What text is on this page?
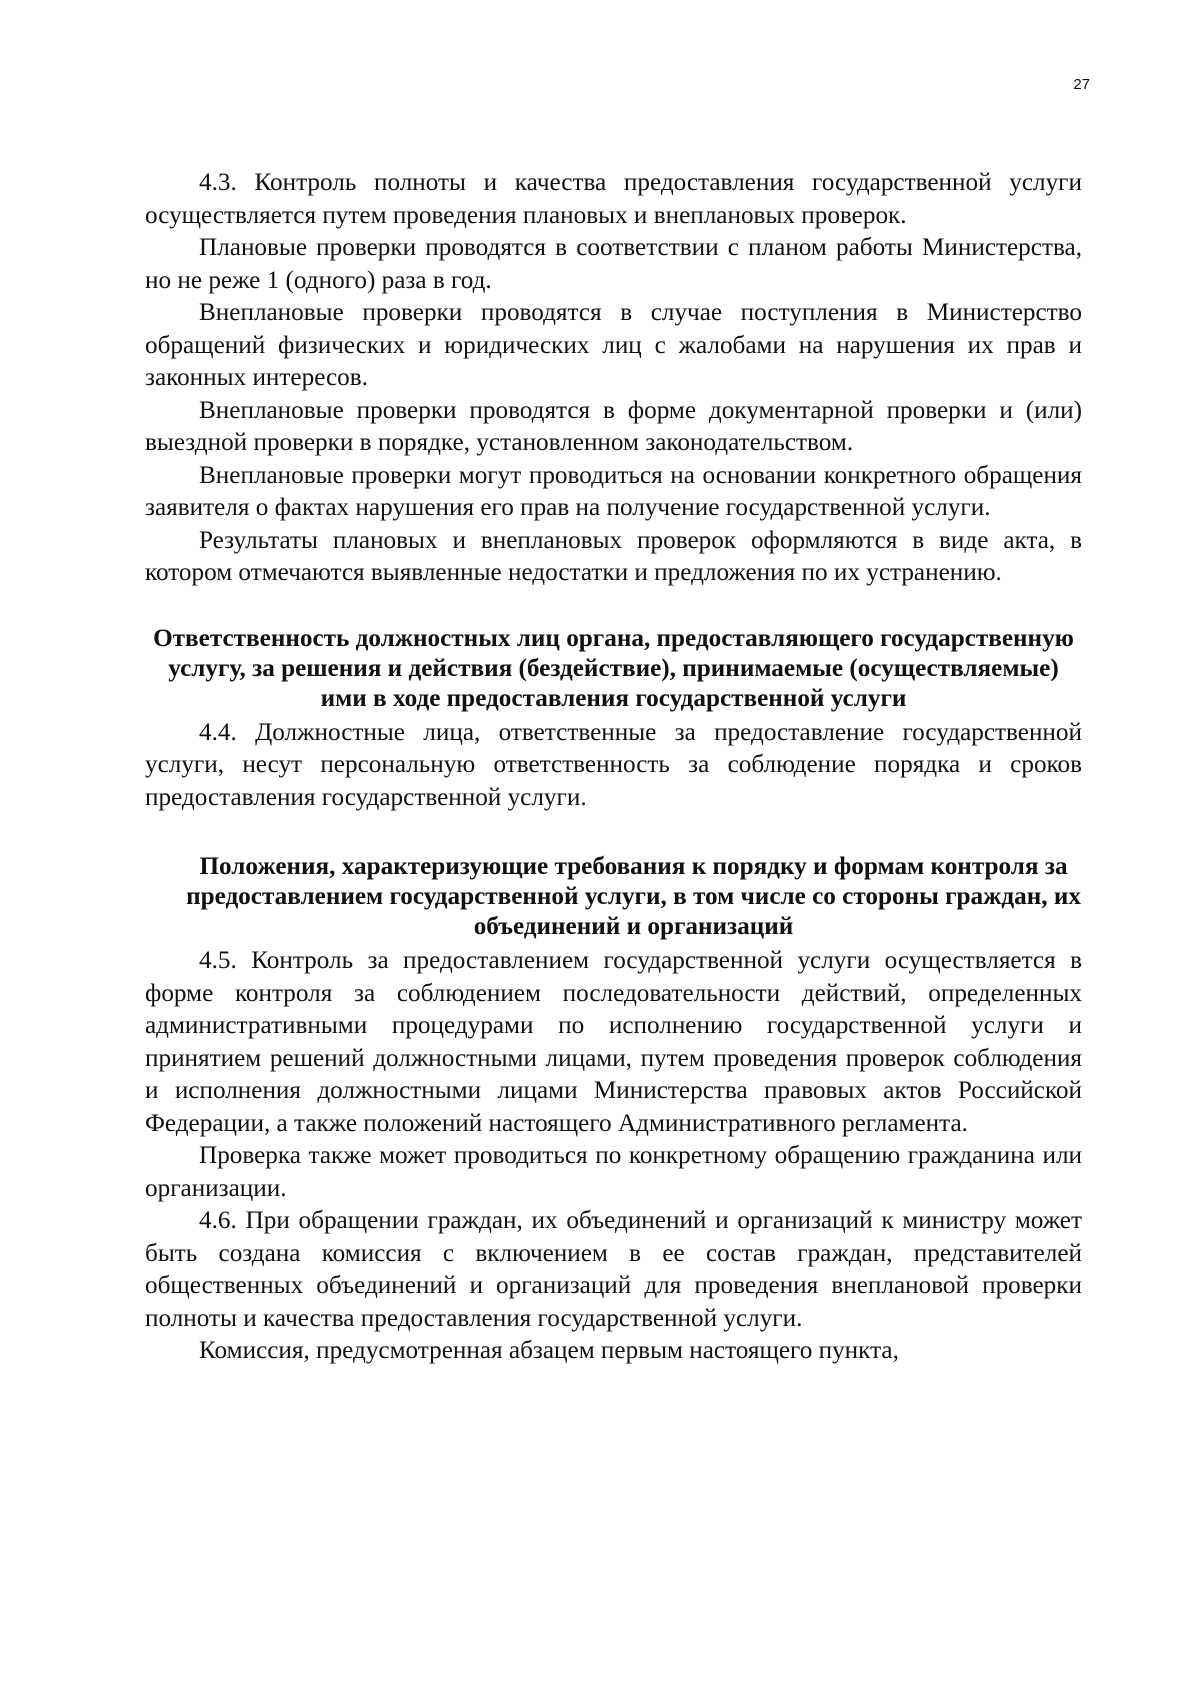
27

4.3. Контроль полноты и качества предоставления государственной услуги осуществляется путем проведения плановых и внеплановых проверок.

Плановые проверки проводятся в соответствии с планом работы Министерства, но не реже 1 (одного) раза в год.

Внеплановые проверки проводятся в случае поступления в Министерство обращений физических и юридических лиц с жалобами на нарушения их прав и законных интересов.

Внеплановые проверки проводятся в форме документарной проверки и (или) выездной проверки в порядке, установленном законодательством.

Внеплановые проверки могут проводиться на основании конкретного обращения заявителя о фактах нарушения его прав на получение государственной услуги.

Результаты плановых и внеплановых проверок оформляются в виде акта, в котором отмечаются выявленные недостатки и предложения по их устранению.

Ответственность должностных лиц органа, предоставляющего государственную услугу, за решения и действия (бездействие), принимаемые (осуществляемые) ими в ходе предоставления государственной услуги

4.4. Должностные лица, ответственные за предоставление государственной услуги, несут персональную ответственность за соблюдение порядка и сроков предоставления государственной услуги.

Положения, характеризующие требования к порядку и формам контроля за предоставлением государственной услуги, в том числе со стороны граждан, их объединений и организаций

4.5. Контроль за предоставлением государственной услуги осуществляется в форме контроля за соблюдением последовательности действий, определенных административными процедурами по исполнению государственной услуги и принятием решений должностными лицами, путем проведения проверок соблюдения и исполнения должностными лицами Министерства правовых актов Российской Федерации, а также положений настоящего Административного регламента.

Проверка также может проводиться по конкретному обращению гражданина или организации.

4.6. При обращении граждан, их объединений и организаций к министру может быть создана комиссия с включением в ее состав граждан, представителей общественных объединений и организаций для проведения внеплановой проверки полноты и качества предоставления государственной услуги.

Комиссия, предусмотренная абзацем первым настоящего пункта,
